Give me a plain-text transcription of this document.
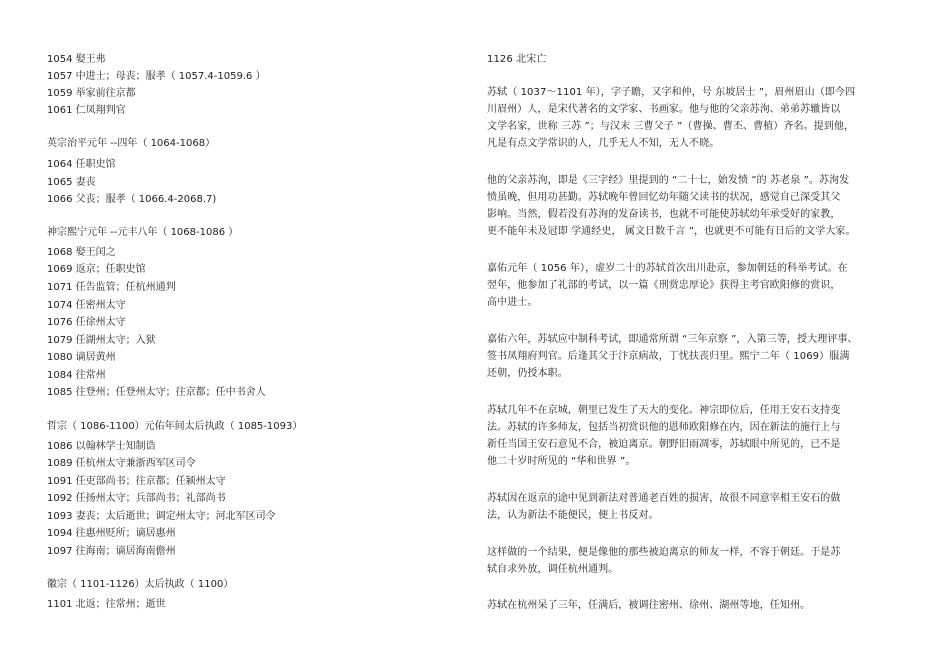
1054 娶王弗
1057 中进士；母丧；服孝（ 1057.4-1059.6 ）
1059 举家前往京都
1061 仁凤翔判官
英宗治平元年 --四年（ 1064-1068）
1064 任职史馆
1065 妻丧
1066 父丧；服孝（ 1066.4-2068.7)
神宗熙宁元年 --元丰八年（ 1068-1086 ）
1068 娶王闰之
1069 返京；任职史馆
1071 任告监管；任杭州通判
1074 任密州太守
1076 任徐州太守
1079 任湖州太守；入狱
1080 谪居黄州
1084 往常州
1085 往登州；任登州太守；往京都；任中书舍人
哲宗（ 1086-1100）元佑年间太后执政（ 1085-1093）
1086 以翰林学士知制诰
1089 任杭州太守兼浙西军区司令
1091 任吏部尚书；往京都；任颍州太守
1092 任扬州太守；兵部尚书；礼部尚书
1093 妻丧；太后逝世；调定州太守；河北军区司令
1094 往惠州贬所；谪居惠州
1097 往海南；谪居海南儋州
徽宗（ 1101-1126）太后执政（ 1100）
1101 北返；往常州；逝世
1126 北宋亡
苏轼（ 1037～1101 年），字子瞻，又字和仲，号 东坡居士 ”，眉州眉山（即今四
川眉州）人，是宋代著名的文学家、书画家。他与他的父亲苏洵、弟弟苏辙皆以
文学名家，世称 三苏 ”；与汉末 三曹父子 ”（曹操、曹丕、曹植）齐名。提到他，
凡是有点文学常识的人，几乎无人不知，无人不晓。
他的父亲苏洵，即是《三字经》里提到的 “二十七，始发愤 ”的 苏老泉 ”。苏洵发
愤虽晚，但用功甚勤。苏轼晚年曾回忆幼年随父读书的状况，感觉自己深受其父
影响。当然，假若没有苏洵的发奋读书，也就不可能使苏轼幼年承受好的家教，
更不能年未及冠即 学通经史， 属文日数千言 ”，也就更不可能有日后的文学大家。
嘉佑元年（ 1056 年），虚岁二十的苏轼首次出川赴京，参加朝廷的科举考试。在
翌年，他参加了礼部的考试，以一篇《刑赏忠厚论》获得主考官欧阳修的赏识，
高中进士。
嘉佑六年，苏轼应中制科考试，即通常所谓 “三年京察 ”，入第三等，授大理评事、
签书凤翔府判官。后逢其父于汴京病故，丁忧扶丧归里。熙宁二年（ 1069）服满
还朝，仍授本职。
苏轼几年不在京城，朝里已发生了天大的变化。神宗即位后，任用王安石支持变
法。苏轼的许多师友，包括当初赏识他的恩师欧阳修在内，因在新法的施行上与
新任当国王安石意见不合，被迫离京。朝野旧雨凋零，苏轼眼中所见的，已不是
他二十岁时所见的 “华和世界 ”。
苏轼因在返京的途中见到新法对普通老百姓的损害，故很不同意宰相王安石的做
法，认为新法不能便民，便上书反对。
这样做的一个结果，便是像他的那些被迫离京的师友一样，不容于朝廷。于是苏
轼自求外放，调任杭州通判。
苏轼在杭州呆了三年，任满后，被调往密州、徐州、湖州等地，任知州。
